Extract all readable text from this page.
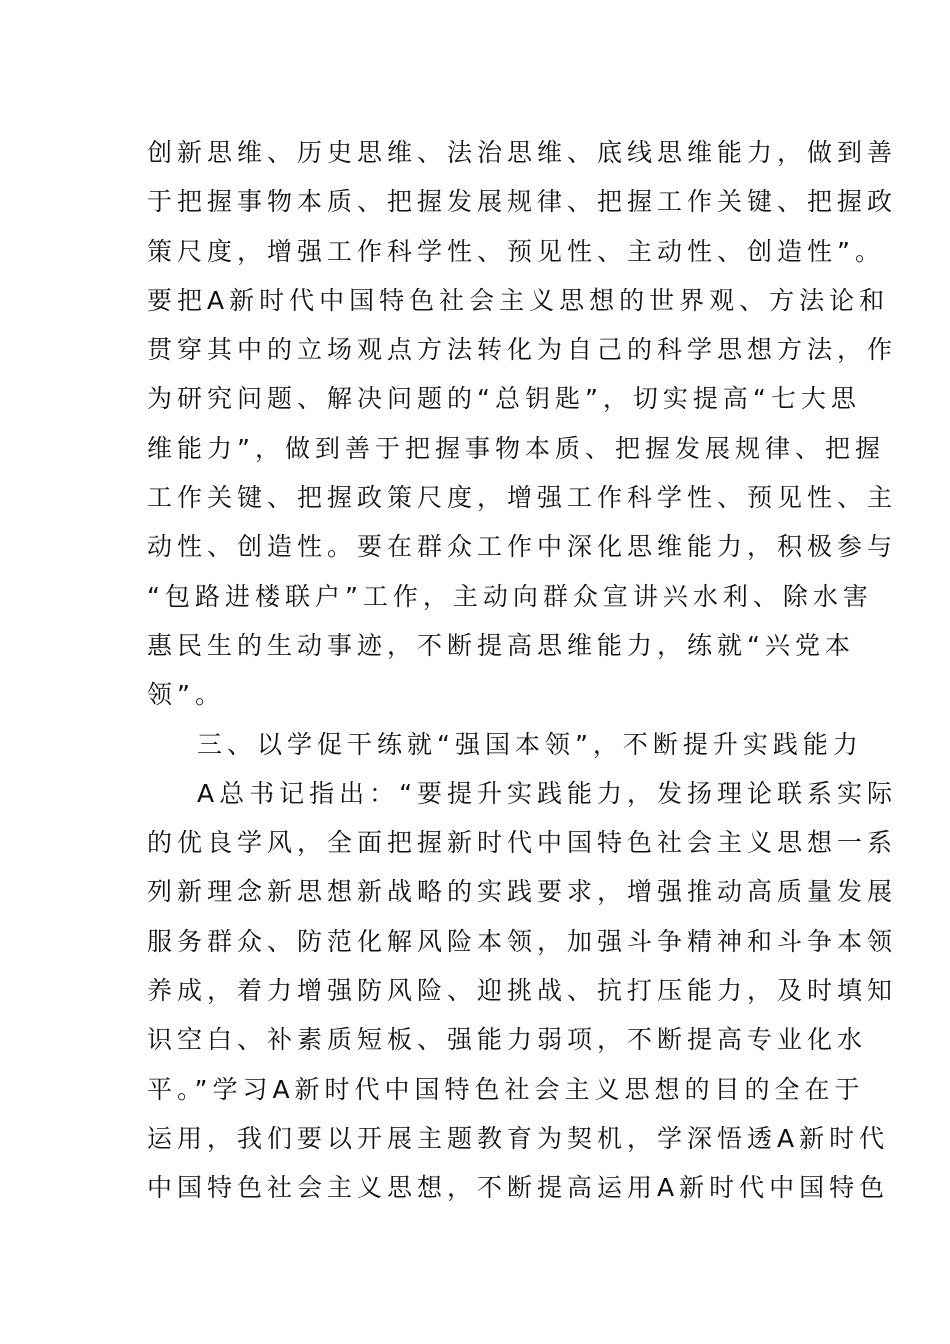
创新思维、历史思维、法治思维、底线思维能力，做到善
于把握事物本质、把握发展规律、把握工作关键、把握政
策尺度，增强工作科学性、预见性、主动性、创造性”。
要把A新时代中国特色社会主义思想的世界观、方法论和
贯穿其中的立场观点方法转化为自己的科学思想方法，作
为研究问题、解决问题的“总钥匙”，切实提高“七大思
维能力”，做到善于把握事物本质、把握发展规律、把握
工作关键、把握政策尺度，增强工作科学性、预见性、主
动性、创造性。要在群众工作中深化思维能力，积极参与
“包路进楼联户”工作，主动向群众宣讲兴水利、除水害
惠民生的生动事迹，不断提高思维能力，练就“兴党本
领”。
三、以学促干练就“强国本领”，不断提升实践能力
A总书记指出：“要提升实践能力，发扬理论联系实际
的优良学风，全面把握新时代中国特色社会主义思想一系
列新理念新思想新战略的实践要求，增强推动高质量发展
服务群众、防范化解风险本领，加强斗争精神和斗争本领
养成，着力增强防风险、迎挑战、抗打压能力，及时填知
识空白、补素质短板、强能力弱项，不断提高专业化水
平。”学习A新时代中国特色社会主义思想的目的全在于
运用，我们要以开展主题教育为契机，学深悟透A新时代
中国特色社会主义思想，不断提高运用A新时代中国特色
